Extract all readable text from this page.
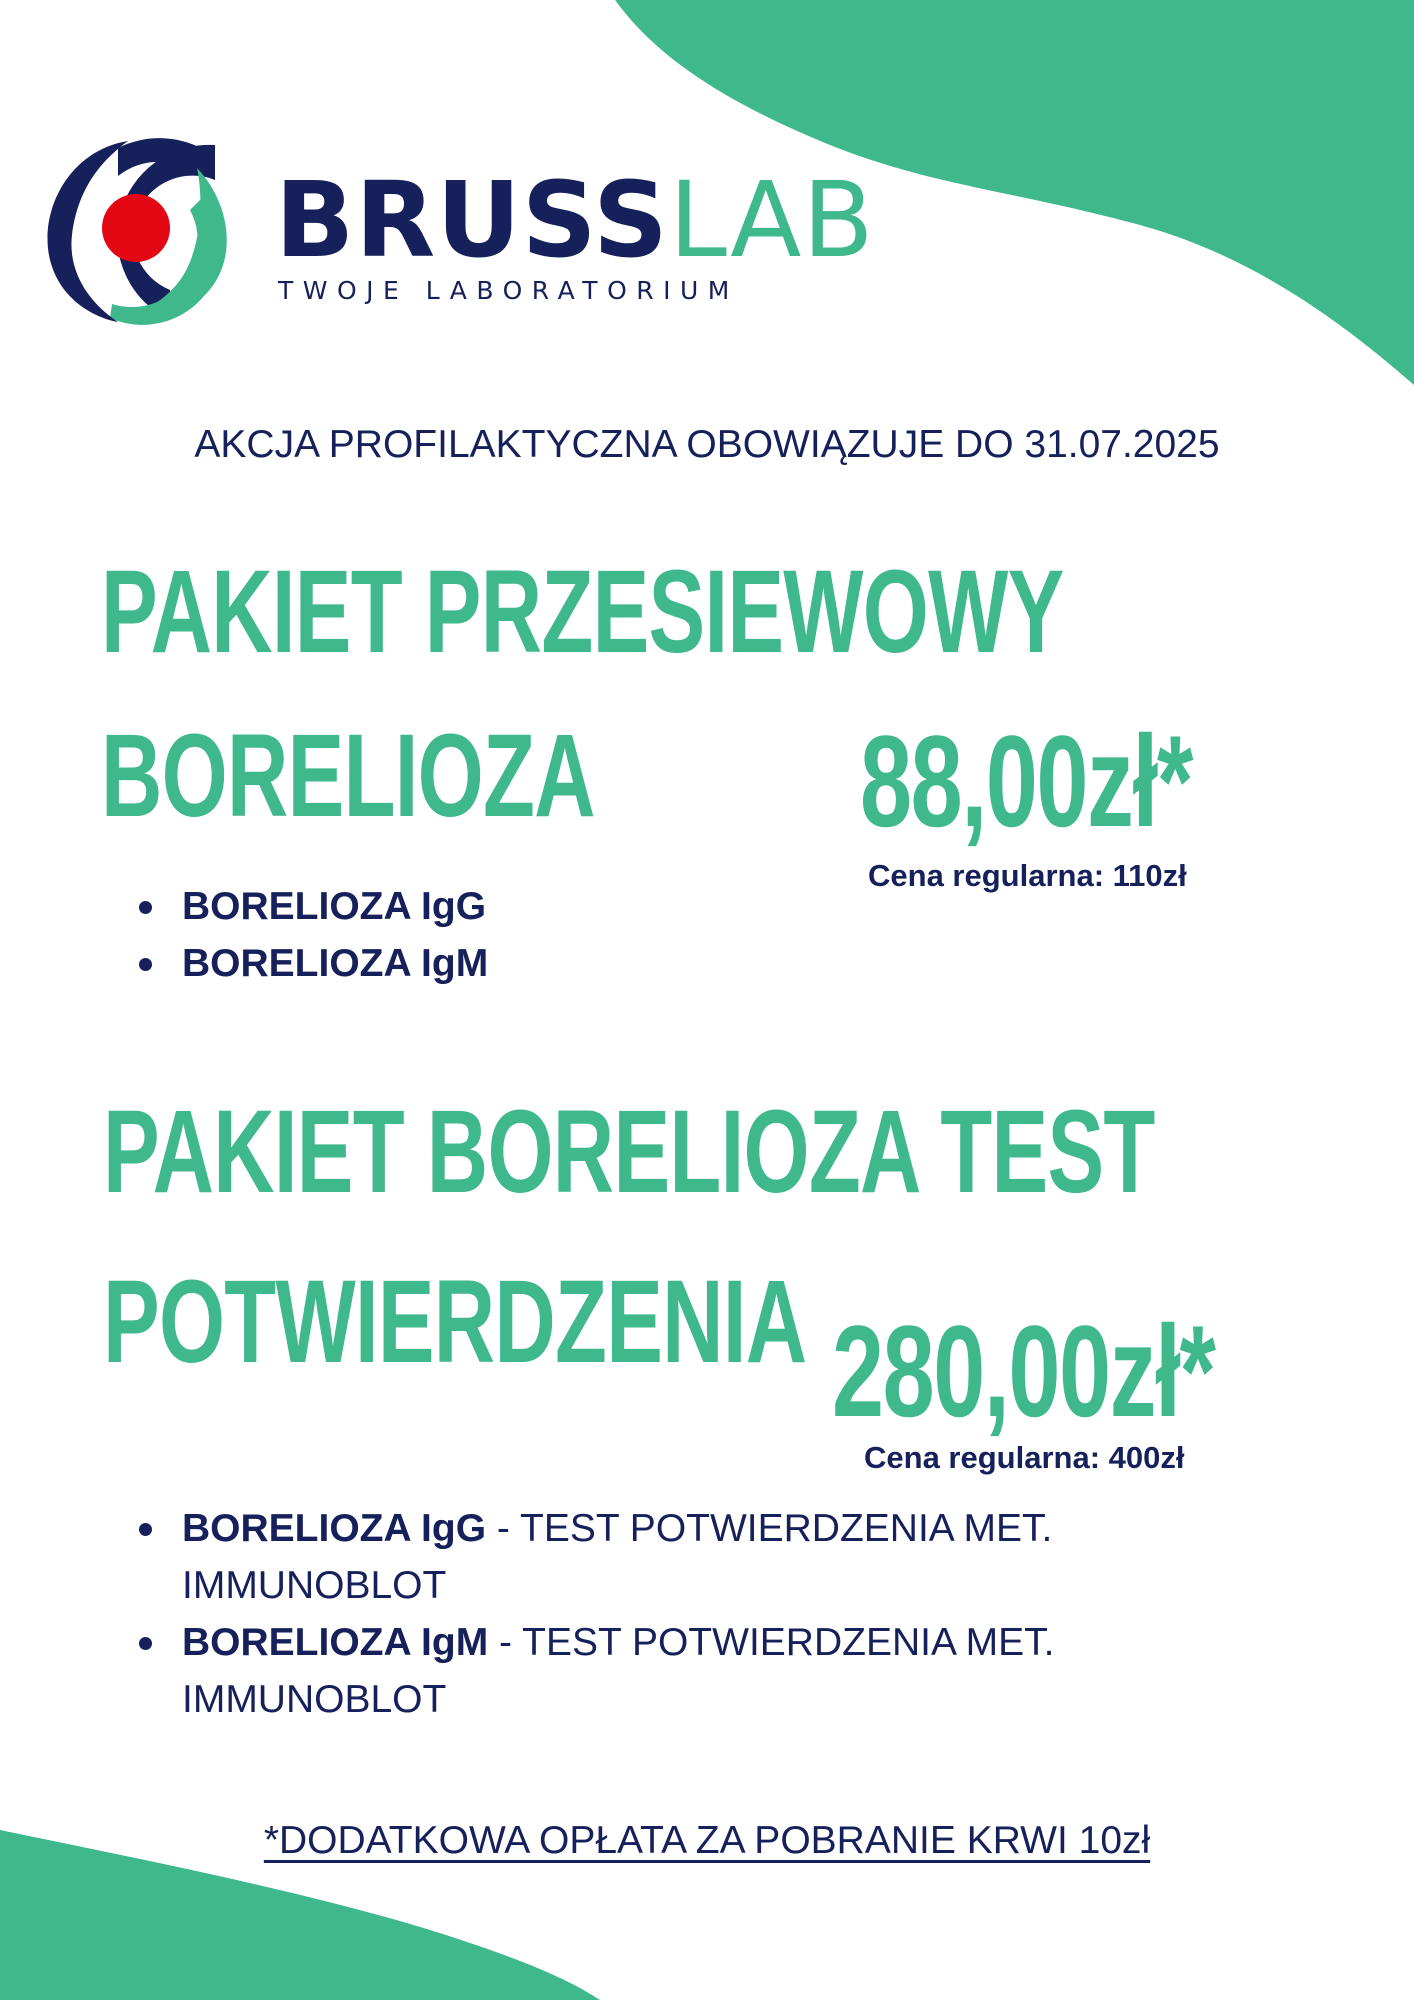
BRUSSLAB
TWOJE LABORATORIUM
AKCJA PROFILAKTYCZNA OBOWIĄZUJE DO 31.07.2025
PAKIET PRZESIEWOWY
BORELIOZA 88,00zł*
Cena regularna: 110zł
BORELIOZA IgG
BORELIOZA IgM
PAKIET BORELIOZA TEST
POTWIERDZENIA 280,00zł*
Cena regularna: 400zł
BORELIOZA IgG - TEST POTWIERDZENIA MET.
IMMUNOBLOT
BORELIOZA IgM - TEST POTWIERDZENIA MET.
IMMUNOBLOT
*DODATKOWA OPŁATA ZA POBRANIE KRWI 10zł
